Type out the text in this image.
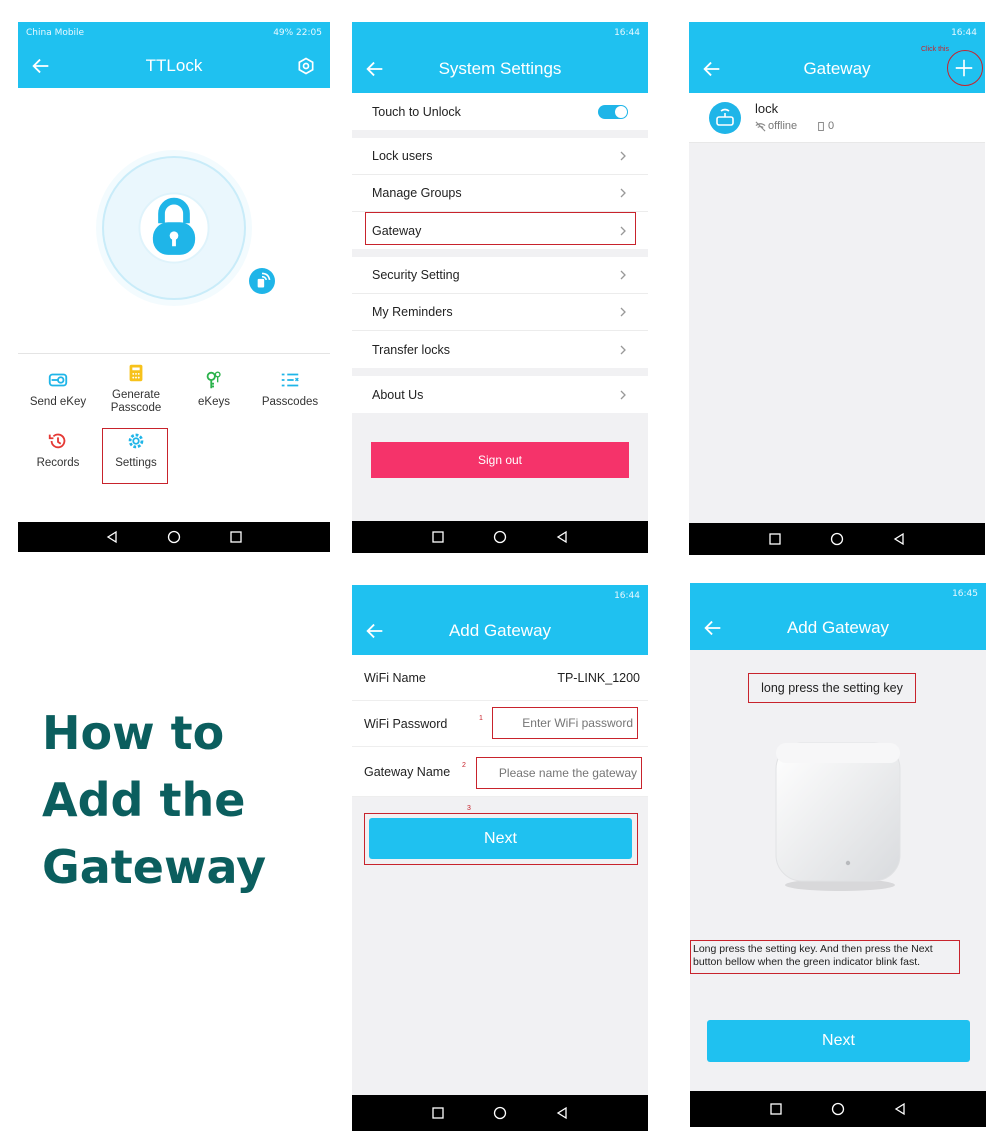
China Mobile	49% 22:05
TTLock
Send eKey
Generate
Passcode	eKeys	Passcodes
Records	Settings
16:44
System Settings
Touch to Unlock
Lock users
Manage Groups
Gateway
Security Setting
My Reminders
Transfer locks
About Us
Sign out
16:44
Gateway
Click this
lock
offline	0
How to
Add the
Gateway
16:44
Add Gateway
WiFi Name	TP-LINK_1200
WiFi Password	1
Enter WiFi password
Gateway Name 2
Please name the gateway
3
Next
16:45
Add Gateway
long press the setting key
Long press the setting key. And then press the Next button bellow when the green indicator blink fast.
Next
